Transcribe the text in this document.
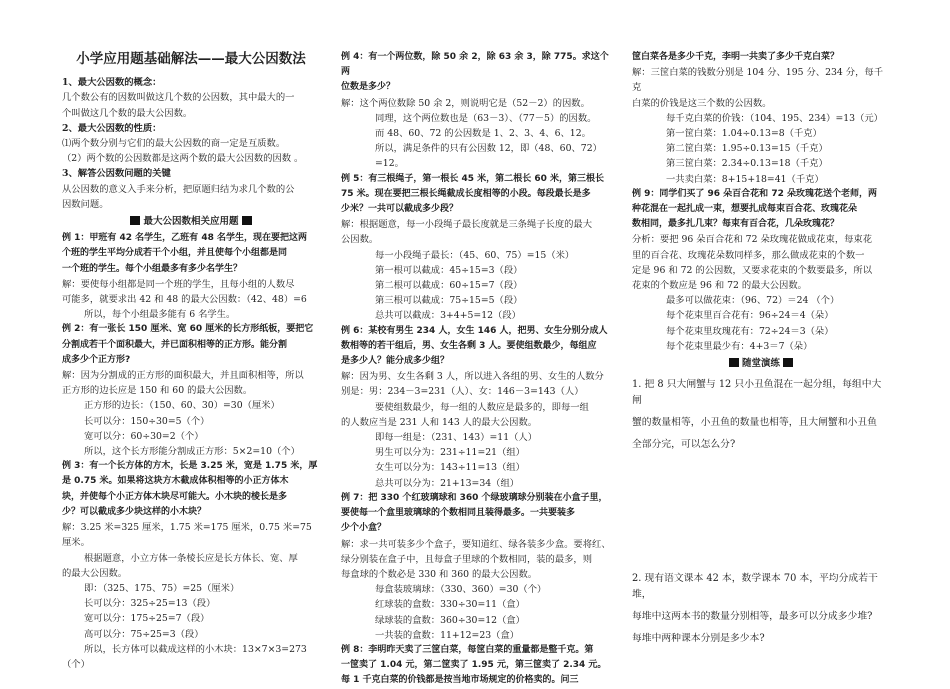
小学应用题基础解法——最大公因数法
1、最大公因数的概念：
几个数公有的因数叫做这几个数的公因数，其中最大的一
个叫做这几个数的最大公因数。
2、最大公因数的性质：
⑴两个数分别与它们的最大公因数的商一定是互质数。
（2）两个数的公因数都是这两个数的最大公因数的因数 。
3、解答公因数问题的关键
从公因数的意义入手来分析，把原题归结为求几个数的公
因数问题。
最大公因数相关应用题
例 1：甲班有 42 名学生，乙班有 48 名学生，现在要把这两
个班的学生平均分成若干个小组，并且使每个小组都是同
一个班的学生。每个小组最多有多少名学生？
解：要使每小组都是同一个班的学生，且每小组的人数尽
可能多，就要求出 42 和 48 的最大公因数：（42、48）=6
所以，每个小组最多能有 6 名学生。
例 2：有一张长 150 厘米、宽 60 厘米的长方形纸板，要把它
分割成若干个面积最大，并已面积相等的正方形。能分割
成多少个正方形?
解：因为分割成的正方形的面积最大，并且面积相等，所以
正方形的边长应是 150 和 60 的最大公因数。
正方形的边长：（150、60、30）=30（厘米）
长可以分：150÷30=5（个）
宽可以分：60÷30=2（个）
所以，这个长方形能分割成正方形：5×2=10（个）
例 3：有一个长方体的方木，长是 3.25 米，宽是 1.75 米，厚
是 0.75 米。如果将这块方木截成体积相等的小正方体木
块，并使每个小正方体木块尽可能大。小木块的棱长是多
少？可以截成多少块这样的小木块？
解：3.25 米=325 厘米，1.75 米=175 厘米，0.75 米=75 厘米。
根据题意，小立方体一条棱长应是长方体长、宽、厚
的最大公因数。
即：（325、175、75）=25（厘米）
长可以分：325÷25=13（段）
宽可以分：175÷25=7（段）
高可以分：75÷25=3（段）
所以，长方体可以截成这样的小木块：13×7×3=273
（个）
例 4：有一个两位数，除 50 余 2，除 63 余 3，除 775。求这个两
位数是多少？
解：这个两位数除 50 余 2，则说明它是（52－2）的因数。
同理，这个两位数也是（63－3）、（77－5）的因数。
而 48、60、72 的公因数是 1、2、3、4、6、12。
所以，满足条件的只有公因数 12，即（48、60、72）=12。
例 5：有三根绳子，第一根长 45 米，第二根长 60 米，第三根长
75 米。现在要把三根长绳截成长度相等的小段。每段最长是多
少米？一共可以截成多少段？
解：根据题意，每一小段绳子最长度就是三条绳子长度的最大
公因数。
每一小段绳子最长：（45、60、75）=15（米）
第一根可以截成：45÷15=3（段）
第二根可以截成：60÷15=7（段）
第三根可以截成：75÷15=5（段）
总共可以截成：3+4+5=12（段）
例 6：某校有男生 234 人，女生 146 人，把男、女生分别分成人
数相等的若干组后，男、女生各剩 3 人。要使组数最少，每组应
是多少人？能分成多少组？
解：因为男、女生各剩 3 人，所以进入各组的男、女生的人数分
别是：男：234－3=231（人）、女：146－3=143（人）
要使组数最少，每一组的人数应是最多的，即每一组
的人数应当是 231 人和 143 人的最大公因数。
即每一组是：（231、143）=11（人）
男生可以分为：231÷11=21（组）
女生可以分为：143÷11=13（组）
总共可以分为：21+13=34（组）
例 7：把 330 个红玻璃球和 360 个绿玻璃球分别装在小盒子里，
要使每一个盒里玻璃球的个数相同且装得最多。一共要装多
少个小盒？
解：求一共可装多少个盒子，要知道红、绿各装多少盒。要将红、
绿分别装在盒子中，且每盒子里球的个数相同，装的最多，则
每盒球的个数必是 330 和 360 的最大公因数。
每盒装玻璃球：（330、360）=30（个）
红球装的盒数：330÷30=11（盒）
绿球装的盒数：360÷30=12（盒）
一共装的盒数：11+12=23（盒）
例 8：李明昨天卖了三筐白菜，每筐白菜的重量都是整千克。第
一筐卖了 1.04 元，第二筐卖了 1.95 元，第三筐卖了 2.34 元。
每 1 千克白菜的价钱都是按当地市场规定的价格卖的。问三
筐白菜各是多少千克，李明一共卖了多少千克白菜？
解：三筐白菜的钱数分别是 104 分、195 分、234 分，每千克
白菜的价钱是这三个数的公因数。
每千克白菜的价钱：（104、195、234）=13（元）
第一筐白菜：1.04÷0.13=8（千克）
第二筐白菜：1.95÷0.13=15（千克）
第三筐白菜：2.34÷0.13=18（千克）
一共卖白菜：8+15+18=41（千克）
例 9：同学们买了 96 朵百合花和 72 朵玫瑰花送个老师，两
种花混在一起扎成一束，想要扎成每束百合花、玫瑰花朵
数相同，最多扎几束？每束有百合花，几朵玫瑰花？
分析：要把 96 朵百合花和 72 朵玫瑰花做成花束，每束花
里的百合花、玫瑰花朵数同样多，那么做成花束的个数一
定是 96 和 72 的公因数，又要求花束的个数要最多，所以
花束的个数应是 96 和 72 的最大公因数。
最多可以做花束：（96、72）＝24 （个）
每个花束里百合花有：96÷24＝4（朵）
每个花束里玫瑰花有：72÷24＝3（朵）
每个花束里最少有：4+3＝7（朵）
随堂演练
1. 把 8 只大闸蟹与 12 只小丑鱼混在一起分组，每组中大闸
蟹的数量相等，小丑鱼的数量也相等，且大闸蟹和小丑鱼
全部分完，可以怎么分?
2. 现有语文课本 42 本，数学课本 70 本，平均分成若干堆，
每堆中这两本书的数量分别相等，最多可以分成多少堆?
每堆中两种课本分别是多少本?
